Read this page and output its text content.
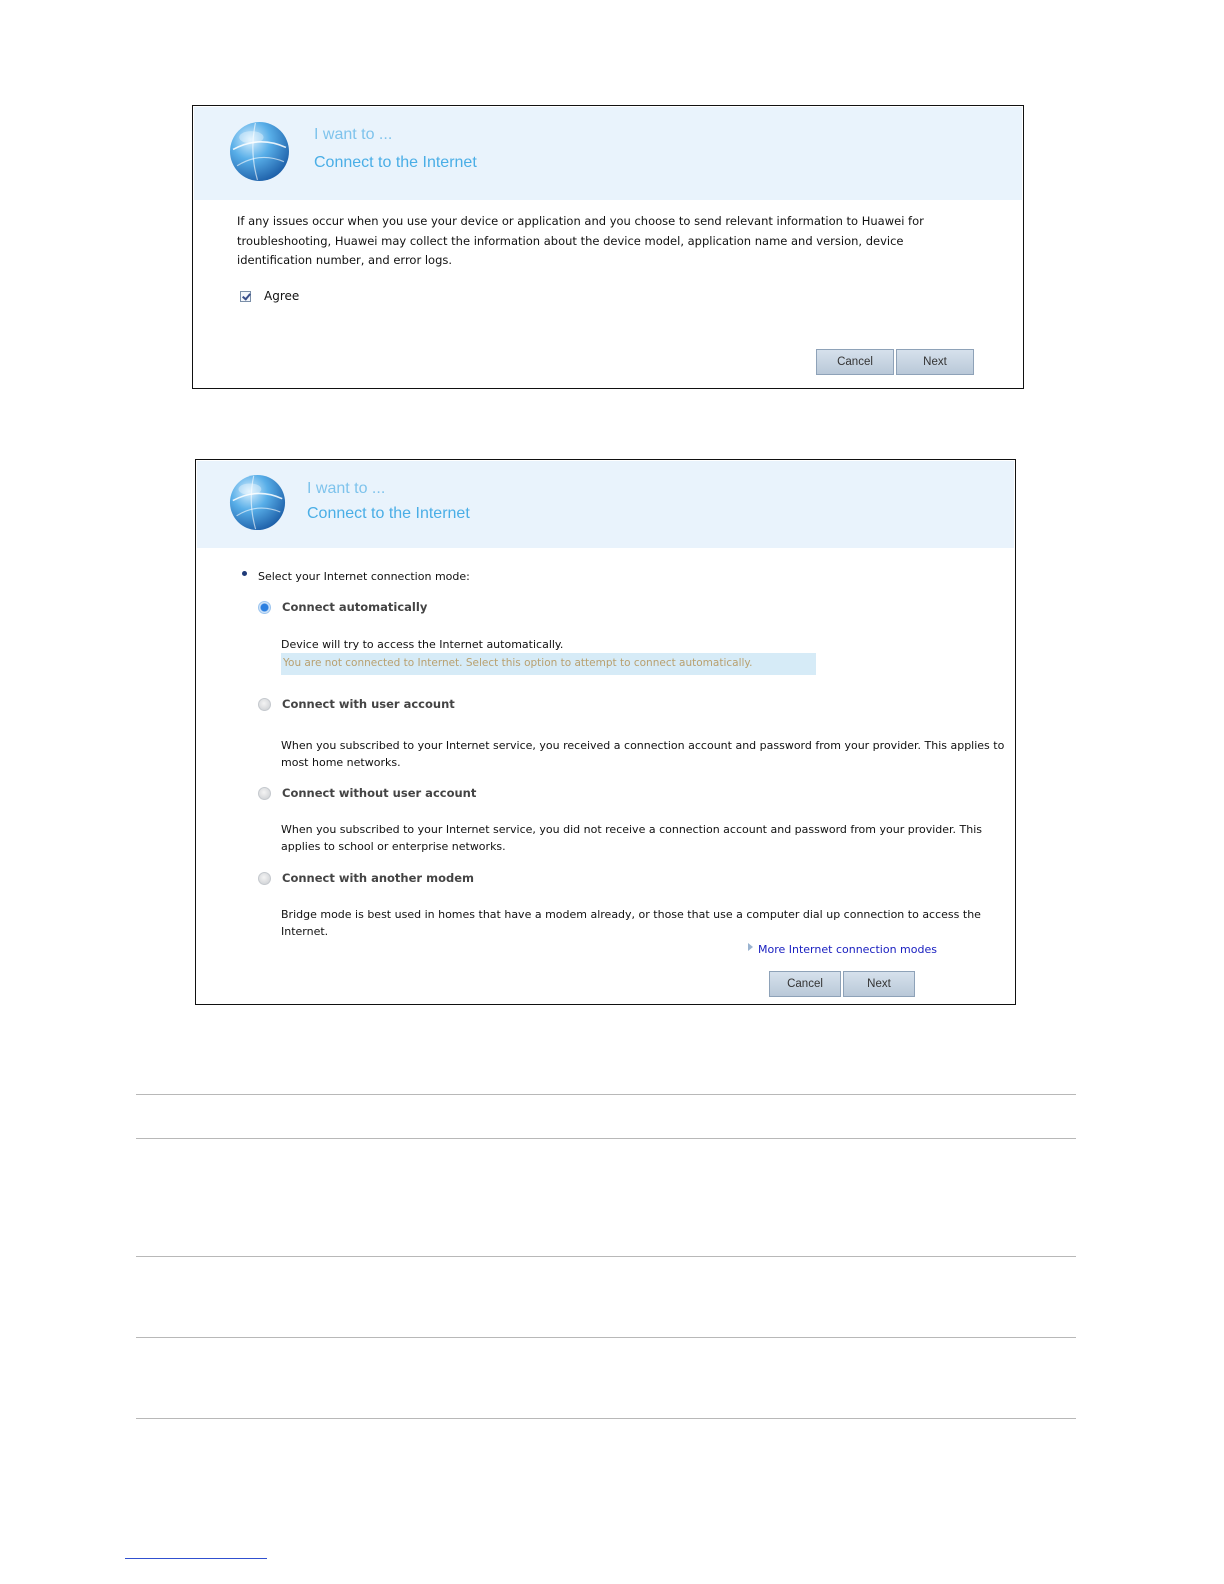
I want to ...
Connect to the Internet
If any issues occur when you use your device or application and you choose to send relevant information to Huawei for troubleshooting, Huawei may collect the information about the device model, application name and version, device identification number, and error logs.
Agree
Cancel	Next
I want to ...
Connect to the Internet
Select your Internet connection mode:
Connect automatically
Device will try to access the Internet automatically.
You are not connected to Internet. Select this option to attempt to connect automatically.
Connect with user account
When you subscribed to your Internet service, you received a connection account and password from your provider. This applies to most home networks.
Connect without user account
When you subscribed to your Internet service, you did not receive a connection account and password from your provider. This applies to school or enterprise networks.
Connect with another modem
Bridge mode is best used in homes that have a modem already, or those that use a computer dial up connection to access the Internet.
More Internet connection modes
Cancel	Next
